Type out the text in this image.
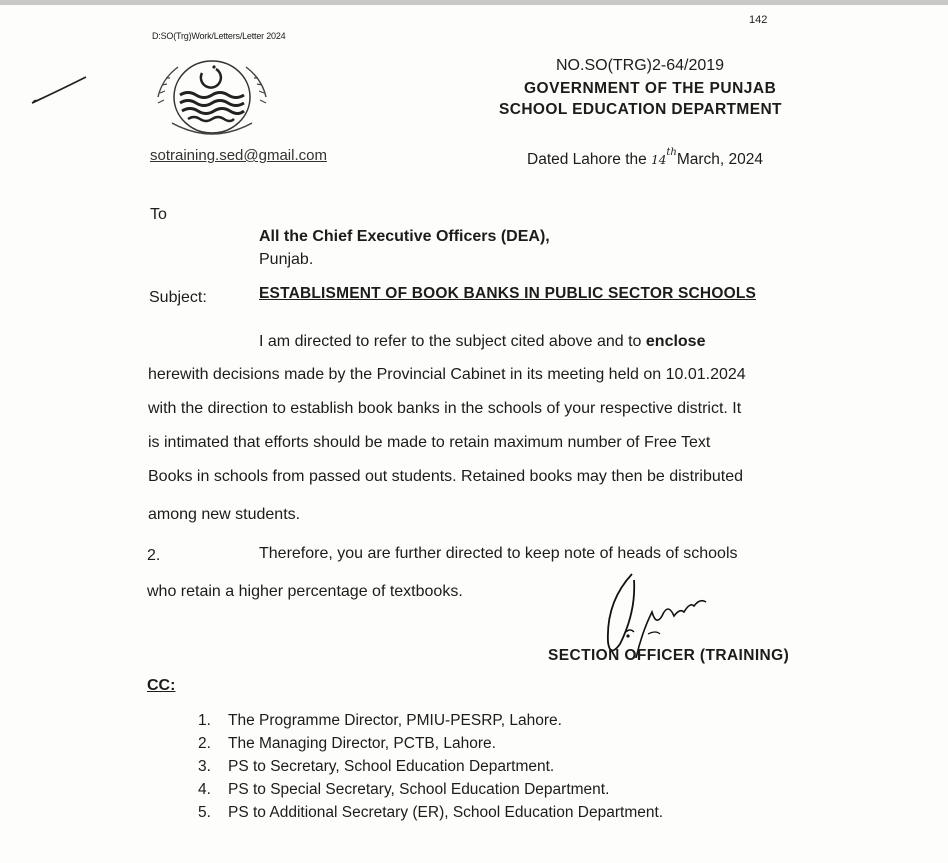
142
D:SO(Trg)Work/Letters/Letter 2024
NO.SO(TRG)2-64/2019
GOVERNMENT OF THE PUNJAB
SCHOOL EDUCATION DEPARTMENT
sotraining.sed@gmail.com	Dated Lahore the 14thMarch, 2024
To
All the Chief Executive Officers (DEA),
Punjab.
Subject:	ESTABLISMENT OF BOOK BANKS IN PUBLIC SECTOR SCHOOLS
I am directed to refer to the subject cited above and to enclose
herewith decisions made by the Provincial Cabinet in its meeting held on 10.01.2024
with the direction to establish book banks in the schools of your respective district. It
is intimated that efforts should be made to retain maximum number of Free Text
Books in schools from passed out students. Retained books may then be distributed
among new students.
2.	Therefore, you are further directed to keep note of heads of schools
who retain a higher percentage of textbooks.
SECTION OFFICER (TRAINING)
CC:
1. The Programme Director, PMIU-PESRP, Lahore.
2. The Managing Director, PCTB, Lahore.
3. PS to Secretary, School Education Department.
4. PS to Special Secretary, School Education Department.
5. PS to Additional Secretary (ER), School Education Department.
